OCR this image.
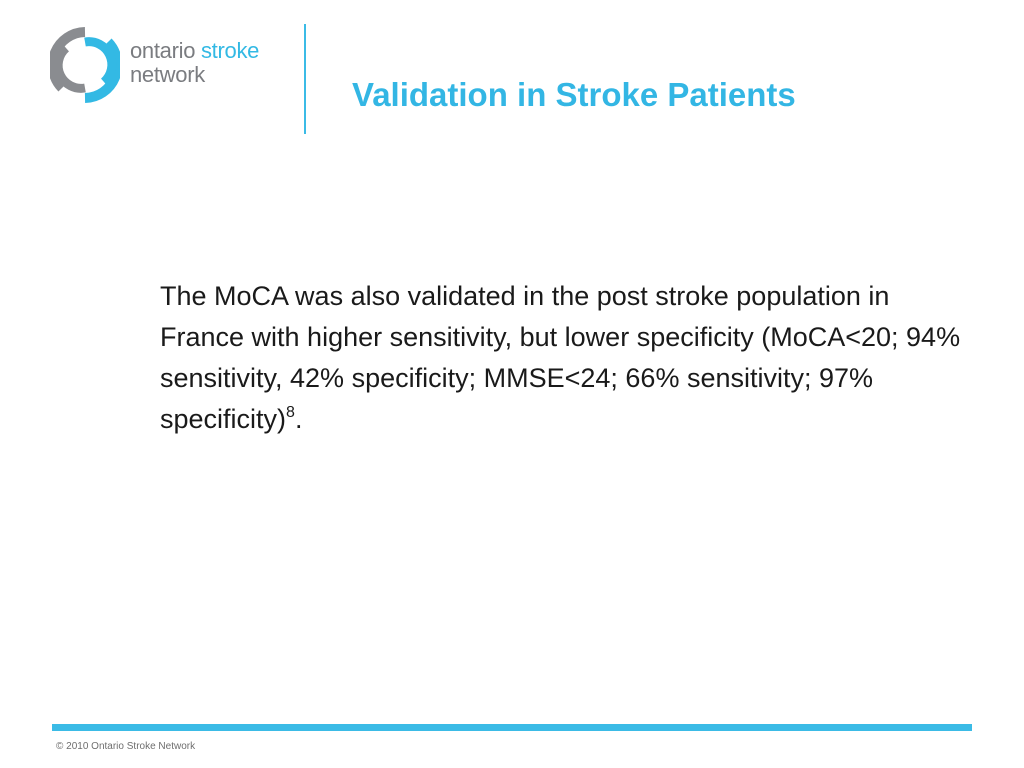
ontario stroke
network
Validation in Stroke Patients

The MoCA was also validated in the post stroke population in France with higher sensitivity, but lower specificity (MoCA<20; 94% sensitivity, 42% specificity; MMSE<24; 66% sensitivity; 97% specificity)$^8$.

© 2010 Ontario Stroke Network
